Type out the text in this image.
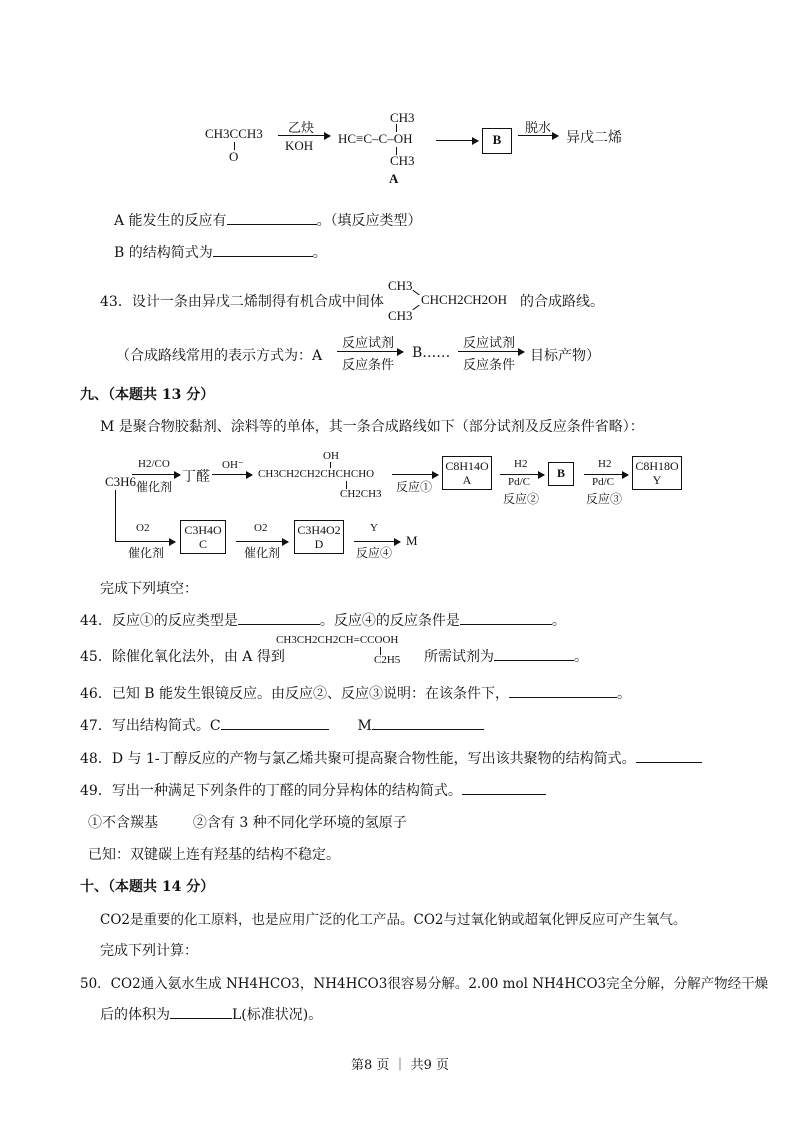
CH3CCH3
O
乙炔
KOH HC≡C–C–OH
CH3
CH3
A
→	B
脱水
→ 异戊二烯
A 能发生的反应有	。（填反应类型）
B 的结构简式为	。
43．设计一条由异戊二烯制得有机合成中间体
CH3
CH3
CHCH2CH2OH 的合成路线。
（合成路线常用的表示方式为：A
反应试剂
反应条件
B……
反应试剂
反应条件
目标产物）
九、（本题共 13 分）
M 是聚合物胶黏剂、涂料等的单体，其一条合成路线如下（部分试剂及反应条件省略）：
C3H6
H2/CO
催化剂
丁醛
OH⁻
OH
CH3CH2CH2CHCHCHO
CH2CH3 反应①
C8H14O
A
H2
Pd/C
反应②
B
H2
Pd/C
反应③
C8H18O
Y
O2
催化剂
C3H4O
C
O2
催化剂
C3H4O2
D
Y
反应④
M
完成下列填空：
44．反应①的反应类型是	。反应④的反应条件是	。
45．除催化氧化法外，由 A 得到
CH3CH2CH2CH=CCOOH
C2H5 所需试剂为	。
46．已知 B 能发生银镜反应。由反应②、反应③说明：在该条件下，	。
47．写出结构简式。C	M
48．D 与 1-丁醇反应的产物与氯乙烯共聚可提高聚合物性能，写出该共聚物的结构简式。
49．写出一种满足下列条件的丁醛的同分异构体的结构简式。
①不含羰基 ②含有 3 种不同化学环境的氢原子
已知：双键碳上连有羟基的结构不稳定。
十、（本题共 14 分）
CO2是重要的化工原料，也是应用广泛的化工产品。CO2与过氧化钠或超氧化钾反应可产生氧气。
完成下列计算：
50．CO2通入氨水生成 NH4HCO3，NH4HCO3很容易分解。2.00 mol NH4HCO3完全分解，分解产物经干燥
后的体积为	L(标准状况)。
第8 页 ｜ 共9 页
